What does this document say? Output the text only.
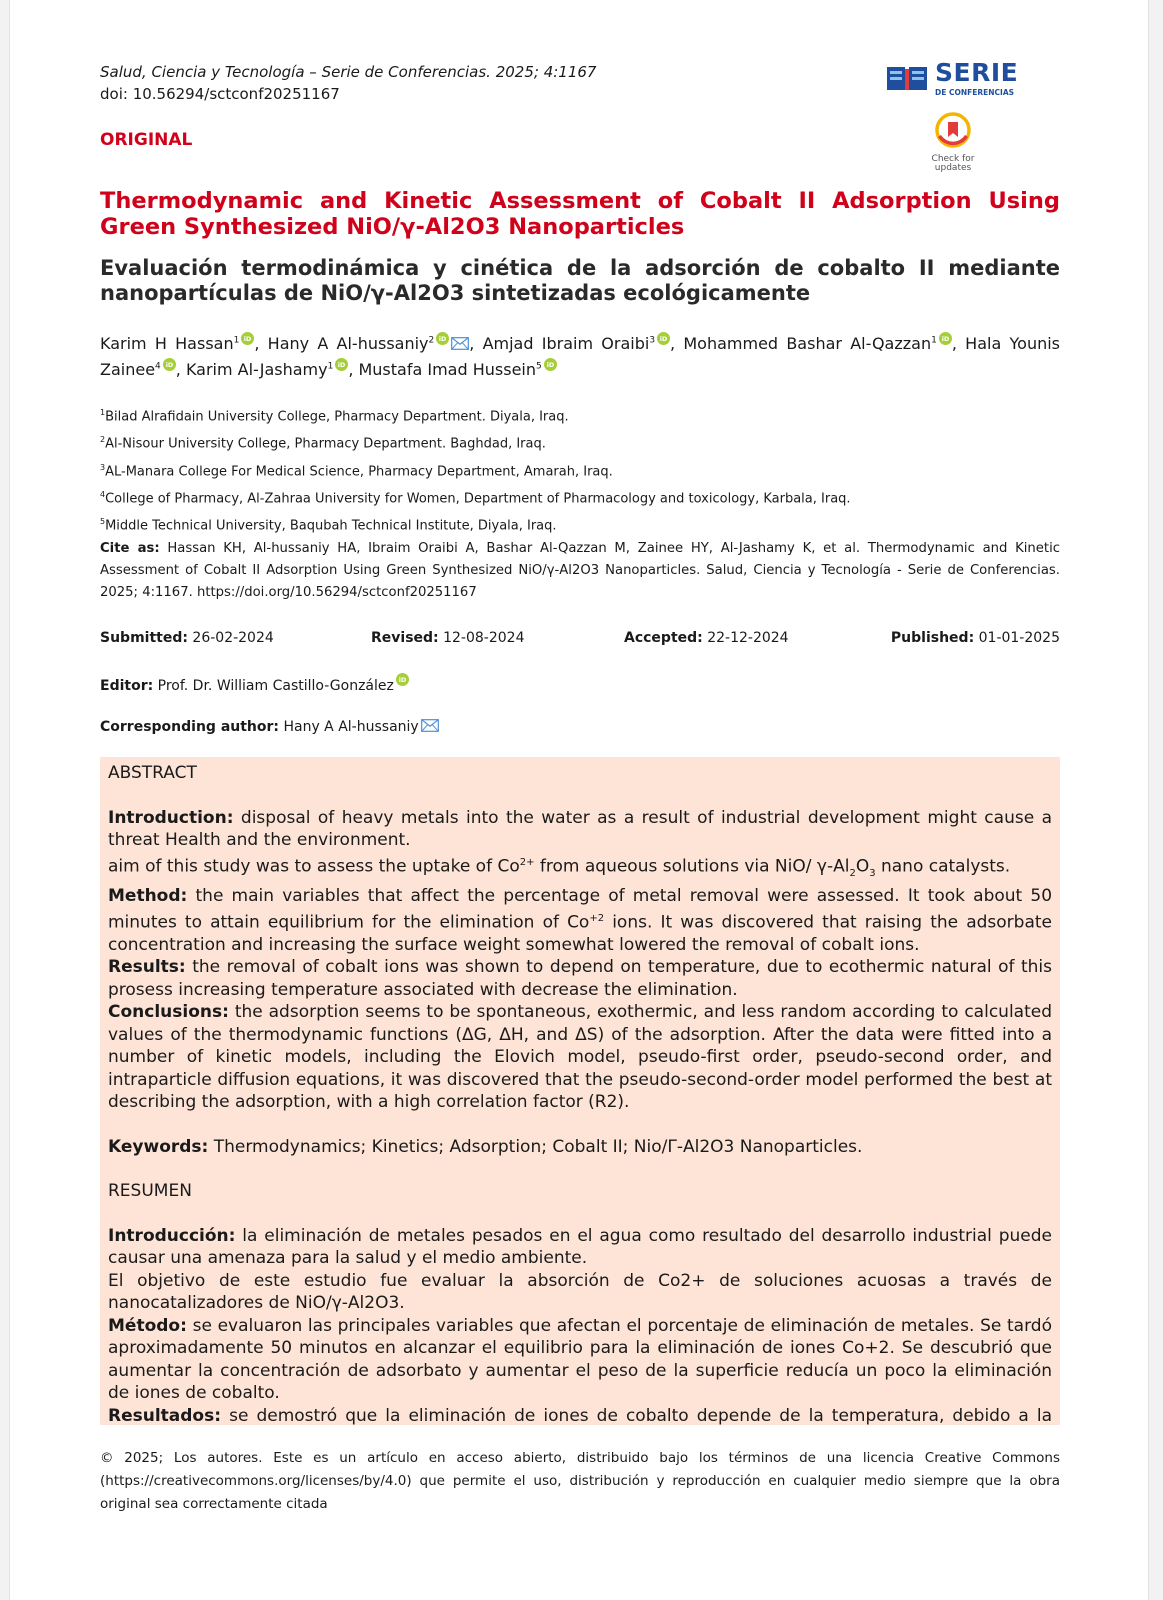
Salud, Ciencia y Tecnología – Serie de Conferencias. 2025; 4:1167
doi: 10.56294/sctconf20251167
SERIE
DE CONFERENCIAS
Check for
updates
ORIGINAL
Thermodynamic and Kinetic Assessment of Cobalt II Adsorption Using Green Synthesized NiO/γ-Al2O3 Nanoparticles
Evaluación termodinámica y cinética de la adsorción de cobalto II mediante nanopartículas de NiO/γ-Al2O3 sintetizadas ecológicamente
Karim H Hassan$^1$ , Hany A Al-hussaniy$^2$ , Amjad Ibraim Oraibi$^3$ , Mohammed Bashar Al-Qazzan$^1$ , Hala Younis Zainee$^4$ , Karim Al-Jashamy$^1$ , Mustafa Imad Hussein$^5$
$^1$Bilad Alrafidain University College, Pharmacy Department. Diyala, Iraq.
$^2$Al-Nisour University College, Pharmacy Department. Baghdad, Iraq.
$^3$AL-Manara College For Medical Science, Pharmacy Department, Amarah, Iraq.
$^4$College of Pharmacy, Al-Zahraa University for Women, Department of Pharmacology and toxicology, Karbala, Iraq.
$^5$Middle Technical University, Baqubah Technical Institute, Diyala, Iraq.
Cite as: Hassan KH, Al-hussaniy HA, Ibraim Oraibi A, Bashar Al-Qazzan M, Zainee HY, Al-Jashamy K, et al. Thermodynamic and Kinetic Assessment of Cobalt II Adsorption Using Green Synthesized NiO/γ-Al2O3 Nanoparticles. Salud, Ciencia y Tecnología - Serie de Conferencias. 2025; 4:1167. https://doi.org/10.56294/sctconf20251167
Submitted: 26-02-2024	Revised: 12-08-2024	Accepted: 22-12-2024	Published: 01-01-2025
Editor: Prof. Dr. William Castillo-González
Corresponding author: Hany A Al-hussaniy

ABSTRACT

Introduction: disposal of heavy metals into the water as a result of industrial development might cause a threat Health and the environment.

aim of this study was to assess the uptake of $Co^{2+}$ from aqueous solutions via NiO/ $\gamma-Al_2O_3$ nano catalysts.

Method: the main variables that affect the percentage of metal removal were assessed. It took about 50 minutes to attain equilibrium for the elimination of $Co^{+2}$ ions. It was discovered that raising the adsorbate concentration and increasing the surface weight somewhat lowered the removal of cobalt ions.

Results: the removal of cobalt ions was shown to depend on temperature, due to ecothermic natural of this prosess increasing temperature associated with decrease the elimination.

Conclusions: the adsorption seems to be spontaneous, exothermic, and less random according to calculated values of the thermodynamic functions (ΔG, ΔH, and ΔS) of the adsorption. After the data were fitted into a number of kinetic models, including the Elovich model, pseudo-first order, pseudo-second order, and intraparticle diffusion equations, it was discovered that the pseudo-second-order model performed the best at describing the adsorption, with a high correlation factor (R2).

Keywords: Thermodynamics; Kinetics; Adsorption; Cobalt II; Nio/Γ-Al2O3 Nanoparticles.

RESUMEN

Introducción: la eliminación de metales pesados en el agua como resultado del desarrollo industrial puede causar una amenaza para la salud y el medio ambiente.

El objetivo de este estudio fue evaluar la absorción de Co2+ de soluciones acuosas a través de nanocatalizadores de NiO/γ-Al2O3.

Método: se evaluaron las principales variables que afectan el porcentaje de eliminación de metales. Se tardó aproximadamente 50 minutos en alcanzar el equilibrio para la eliminación de iones Co+2. Se descubrió que aumentar la concentración de adsorbato y aumentar el peso de la superficie reducía un poco la eliminación de iones de cobalto.

Resultados: se demostró que la eliminación de iones de cobalto depende de la temperatura, debido a la

© 2025; Los autores. Este es un artículo en acceso abierto, distribuido bajo los términos de una licencia Creative Commons (https://creativecommons.org/licenses/by/4.0) que permite el uso, distribución y reproducción en cualquier medio siempre que la obra original sea correctamente citada
